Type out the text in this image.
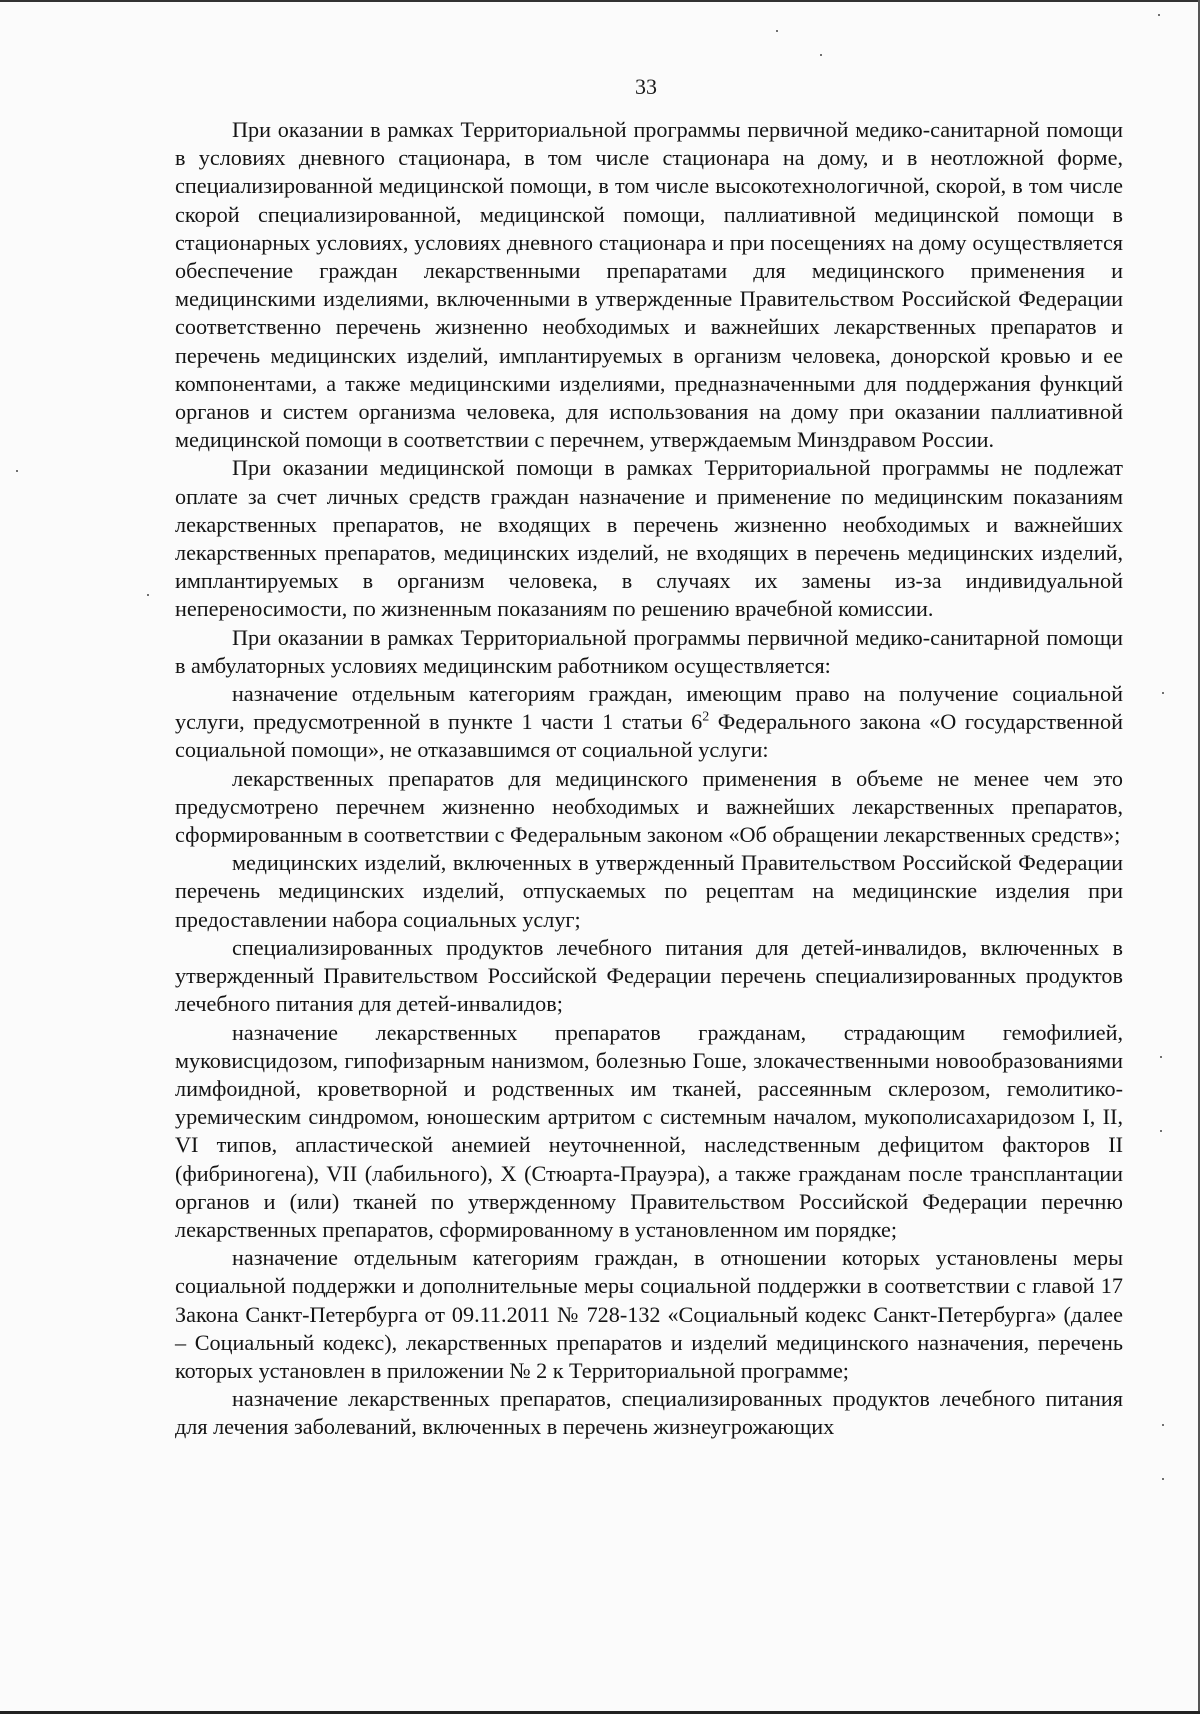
33

При оказании в рамках Территориальной программы первичной медико-санитарной помощи в условиях дневного стационара, в том числе стационара на дому, и в неотложной форме, специализированной медицинской помощи, в том числе высокотехнологичной, скорой, в том числе скорой специализированной, медицинской помощи, паллиативной медицинской помощи в стационарных условиях, условиях дневного стационара и при посещениях на дому осуществляется обеспечение граждан лекарственными препаратами для медицинского применения и медицинскими изделиями, включенными в утвержденные Правительством Российской Федерации соответственно перечень жизненно необходимых и важнейших лекарственных препаратов и перечень медицинских изделий, имплантируемых в организм человека, донорской кровью и ее компонентами, а также медицинскими изделиями, предназначенными для поддержания функций органов и систем организма человека, для использования на дому при оказании паллиативной медицинской помощи в соответствии с перечнем, утверждаемым Минздравом России.

При оказании медицинской помощи в рамках Территориальной программы не подлежат оплате за счет личных средств граждан назначение и применение по медицинским показаниям лекарственных препаратов, не входящих в перечень жизненно необходимых и важнейших лекарственных препаратов, медицинских изделий, не входящих в перечень медицинских изделий, имплантируемых в организм человека, в случаях их замены из-за индивидуальной непереносимости, по жизненным показаниям по решению врачебной комиссии.

При оказании в рамках Территориальной программы первичной медико-санитарной помощи в амбулаторных условиях медицинским работником осуществляется:

назначение отдельным категориям граждан, имеющим право на получение социальной услуги, предусмотренной в пункте 1 части 1 статьи $6^2$ Федерального закона «О государственной социальной помощи», не отказавшимся от социальной услуги:

лекарственных препаратов для медицинского применения в объеме не менее чем это предусмотрено перечнем жизненно необходимых и важнейших лекарственных препаратов, сформированным в соответствии с Федеральным законом «Об обращении лекарственных средств»;

медицинских изделий, включенных в утвержденный Правительством Российской Федерации перечень медицинских изделий, отпускаемых по рецептам на медицинские изделия при предоставлении набора социальных услуг;

специализированных продуктов лечебного питания для детей-инвалидов, включенных в утвержденный Правительством Российской Федерации перечень специализированных продуктов лечебного питания для детей-инвалидов;

назначение лекарственных препаратов гражданам, страдающим гемофилией, муковисцидозом, гипофизарным нанизмом, болезнью Гоше, злокачественными новообразованиями лимфоидной, кроветворной и родственных им тканей, рассеянным склерозом, гемолитико-уремическим синдромом, юношеским артритом с системным началом, мукополисахаридозом I, II, VI типов, апластической анемией неуточненной, наследственным дефицитом факторов II (фибриногена), VII (лабильного), X (Стюарта-Прауэра), а также гражданам после трансплантации органов и (или) тканей по утвержденному Правительством Российской Федерации перечню лекарственных препаратов, сформированному в установленном им порядке;

назначение отдельным категориям граждан, в отношении которых установлены меры социальной поддержки и дополнительные меры социальной поддержки в соответствии с главой 17 Закона Санкт-Петербурга от 09.11.2011 № 728-132 «Социальный кодекс Санкт-Петербурга» (далее – Социальный кодекс), лекарственных препаратов и изделий медицинского назначения, перечень которых установлен в приложении № 2 к Территориальной программе;

назначение лекарственных препаратов, специализированных продуктов лечебного питания для лечения заболеваний, включенных в перечень жизнеугрожающих
